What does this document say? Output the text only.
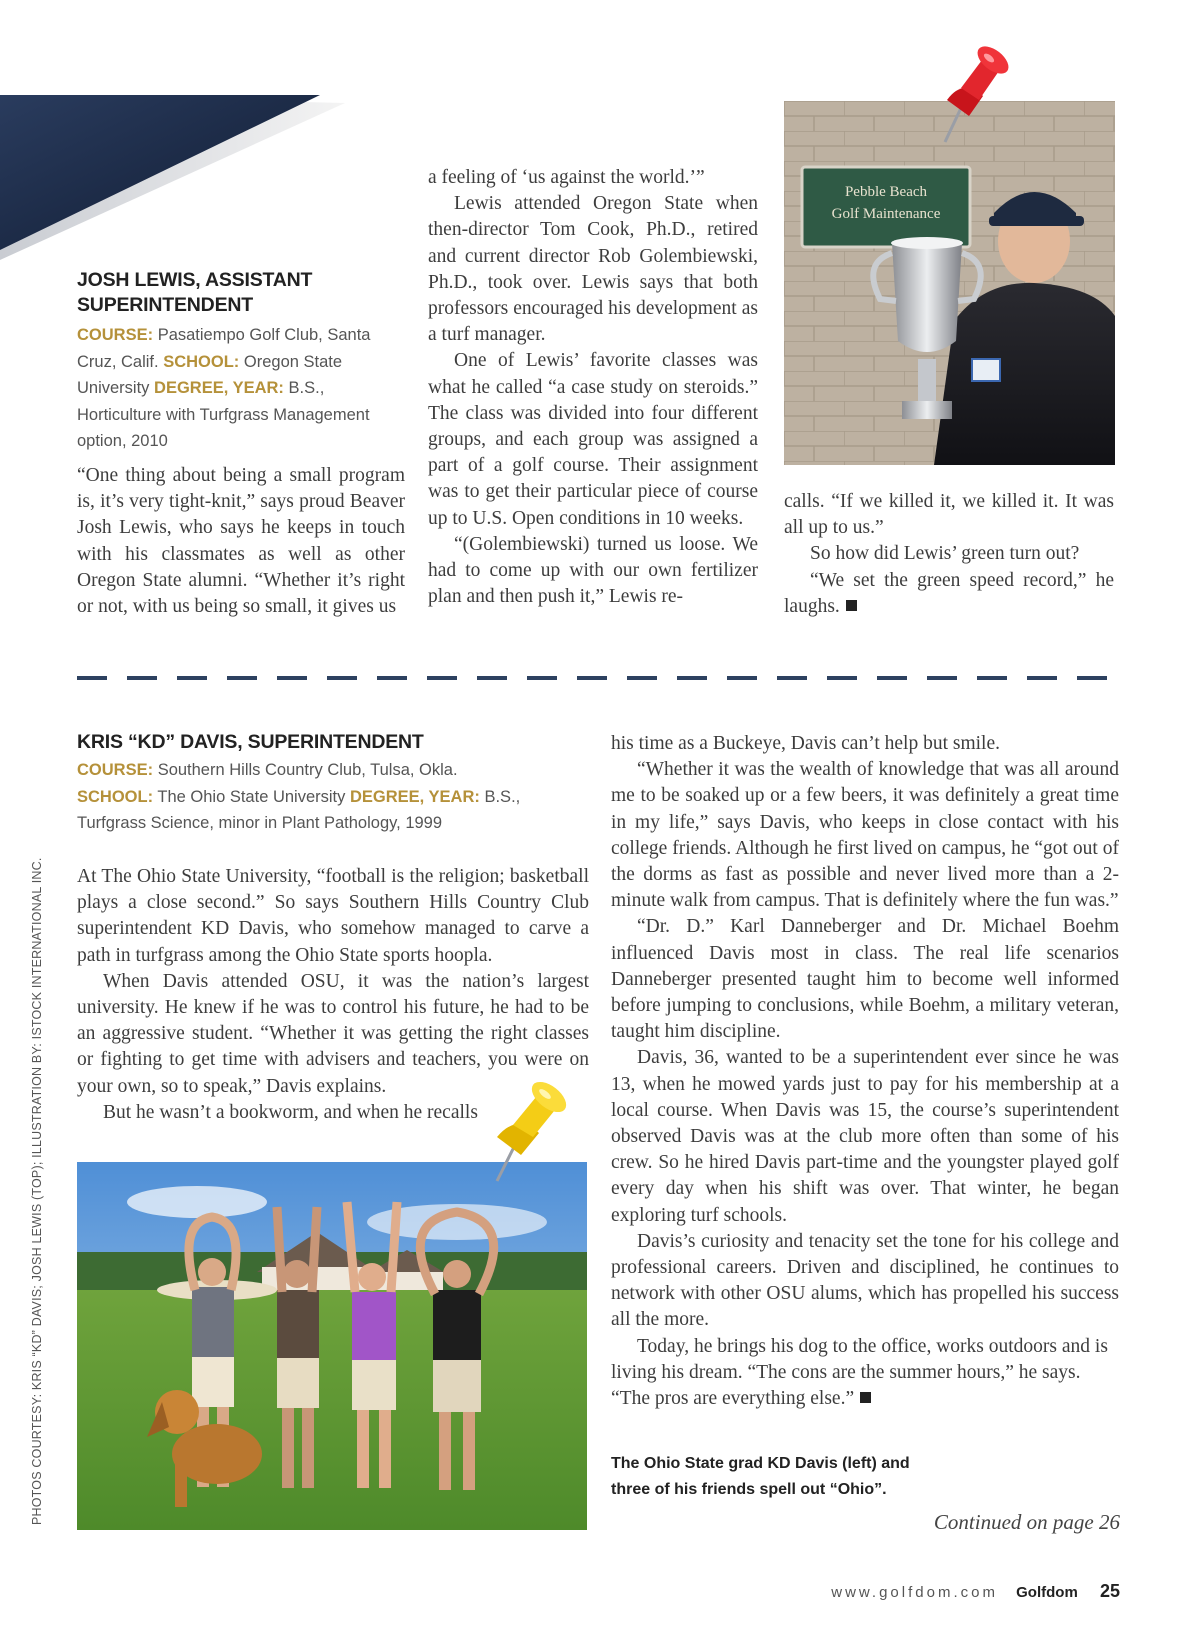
JOSH LEWIS, ASSISTANT
SUPERINTENDENT

COURSE: Pasatiempo Golf Club, Santa Cruz, Calif. SCHOOL: Oregon State University DEGREE, YEAR: B.S., Horticulture with Turfgrass Management option, 2010

“One thing about being a small program is, it’s very tight-knit,” says proud Beaver Josh Lewis, who says he keeps in touch with his classmates as well as other Oregon State alumni. “Whether it’s right or not, with us being so small, it gives us

a feeling of ‘us against the world.’”

Lewis attended Oregon State when then-director Tom Cook, Ph.D., retired and current director Rob Golembiewski, Ph.D., took over. Lewis says that both professors encouraged his development as a turf manager.

One of Lewis’ favorite classes was what he called “a case study on steroids.” The class was divided into four different groups, and each group was assigned a part of a golf course. Their assignment was to get their particular piece of course up to U.S. Open conditions in 10 weeks.

“(Golembiewski) turned us loose. We had to come up with our own fertilizer plan and then push it,” Lewis re-

Pebble Beach
Golf Maintenance

calls. “If we killed it, we killed it. It was all up to us.”

So how did Lewis’ green turn out?

“We set the green speed record,” he laughs.

KRIS “KD” DAVIS, SUPERINTENDENT

COURSE: Southern Hills Country Club, Tulsa, Okla.
SCHOOL: The Ohio State University DEGREE, YEAR: B.S., Turfgrass Science, minor in Plant Pathology, 1999

At The Ohio State University, “football is the religion; basketball plays a close second.” So says Southern Hills Country Club superintendent KD Davis, who somehow managed to carve a path in turfgrass among the Ohio State sports hoopla.

When Davis attended OSU, it was the nation’s largest university. He knew if he was to control his future, he had to be an aggressive student. “Whether it was getting the right classes or fighting to get time with advisers and teachers, you were on your own, so to speak,” Davis explains.

But he wasn’t a bookworm, and when he recalls

his time as a Buckeye, Davis can’t help but smile.

“Whether it was the wealth of knowledge that was all around me to be soaked up or a few beers, it was definitely a great time in my life,” says Davis, who keeps in close contact with his college friends. Although he first lived on campus, he “got out of the dorms as fast as possible and never lived more than a 2-minute walk from campus. That is definitely where the fun was.”

“Dr. D.” Karl Danneberger and Dr. Michael Boehm influenced Davis most in class. The real life scenarios Danneberger presented taught him to become well informed before jumping to conclusions, while Boehm, a military veteran, taught him discipline.

Davis, 36, wanted to be a superintendent ever since he was 13, when he mowed yards just to pay for his membership at a local course. When Davis was 15, the course’s superintendent observed Davis was at the club more often than some of his crew. So he hired Davis part-time and the youngster played golf every day when his shift was over. That winter, he began exploring turf schools.

Davis’s curiosity and tenacity set the tone for his college and professional careers. Driven and disciplined, he continues to network with other OSU alums, which has propelled his success all the more.

Today, he brings his dog to the office, works outdoors and is living his dream. “The cons are the summer hours,” he says. “The pros are everything else.”

The Ohio State grad KD Davis (left) and
three of his friends spell out “Ohio”.
Continued on page 26
PHOTOS COURTESY: KRIS “KD” DAVIS; JOSH LEWIS (TOP); ILLUSTRATION BY: ISTOCK INTERNATIONAL INC.
www.golfdom.com Golfdom 25
